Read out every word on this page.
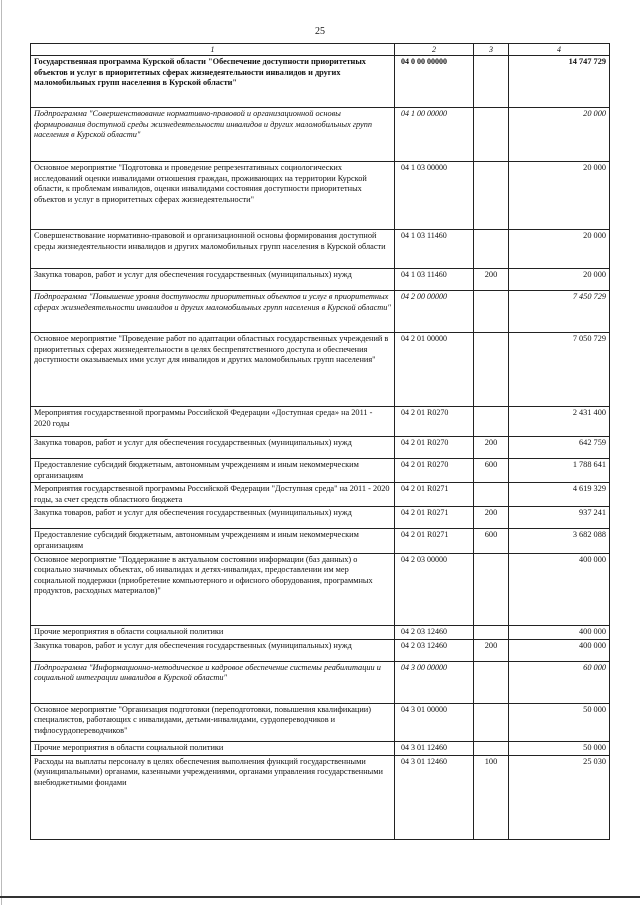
25
1	2	3	4
Государственная программа Курской области "Обеспечение доступности приоритетных объектов и услуг в приоритетных сферах жизнедеятельности инвалидов и других маломобильных групп населения в Курской области"	04 0 00 00000		14 747 729
Подпрограмма "Совершенствование нормативно-правовой и организационной основы формирования доступной среды жизнедеятельности инвалидов и других маломобильных групп населения в Курской области"	04 1 00 00000		20 000
Основное мероприятие "Подготовка и проведение репрезентативных социологических исследований оценки инвалидами отношения граждан, проживающих на территории Курской области, к проблемам инвалидов, оценки инвалидами состояния доступности приоритетных объектов и услуг в приоритетных сферах жизнедеятельности"	04 1 03 00000		20 000
Совершенствование нормативно-правовой и организационной основы формирования доступной среды жизнедеятельности инвалидов и других маломобильных групп населения в Курской области	04 1 03 11460		20 000
Закупка товаров, работ и услуг для обеспечения государственных (муниципальных) нужд	04 1 03 11460	200	20 000
Подпрограмма "Повышение уровня доступности приоритетных объектов и услуг в приоритетных сферах жизнедеятельности инвалидов и других маломобильных групп населения в Курской области"	04 2 00 00000		7 450 729
Основное мероприятие "Проведение работ по адаптации областных государственных учреждений в приоритетных сферах жизнедеятельности в целях беспрепятственного доступа и обеспечения доступности оказываемых ими услуг для инвалидов и других маломобильных групп населения"	04 2 01 00000		7 050 729
Мероприятия государственной программы Российской Федерации «Доступная среда» на 2011 - 2020 годы	04 2 01 R0270		2 431 400
Закупка товаров, работ и услуг для обеспечения государственных (муниципальных) нужд	04 2 01 R0270	200	642 759
Предоставление субсидий бюджетным, автономным учреждениям и иным некоммерческим организациям	04 2 01 R0270	600	1 788 641
Мероприятия государственной программы Российской Федерации "Доступная среда" на 2011 - 2020 годы, за счет средств областного бюджета	04 2 01 R0271		4 619 329
Закупка товаров, работ и услуг для обеспечения государственных (муниципальных) нужд	04 2 01 R0271	200	937 241
Предоставление субсидий бюджетным, автономным учреждениям и иным некоммерческим организациям	04 2 01 R0271	600	3 682 088
Основное мероприятие "Поддержание в актуальном состоянии информации (баз данных) о социально значимых объектах, об инвалидах и детях-инвалидах, предоставлении им мер социальной поддержки (приобретение компьютерного и офисного оборудования, программных продуктов, расходных материалов)"	04 2 03 00000		400 000
Прочие мероприятия в области социальной политики	04 2 03 12460		400 000
Закупка товаров, работ и услуг для обеспечения государственных (муниципальных) нужд	04 2 03 12460	200	400 000
Подпрограмма "Информационно-методическое и кадровое обеспечение системы реабилитации и социальной интеграции инвалидов в Курской области"	04 3 00 00000		60 000
Основное мероприятие "Организация подготовки (переподготовки, повышения квалификации) специалистов, работающих с инвалидами, детьми-инвалидами, сурдопереводчиков и тифлосурдопереводчиков"	04 3 01 00000		50 000
Прочие мероприятия в области социальной политики	04 3 01 12460		50 000
Расходы на выплаты персоналу в целях обеспечения выполнения функций государственными (муниципальными) органами, казенными учреждениями, органами управления государственными внебюджетными фондами	04 3 01 12460	100	25 030
